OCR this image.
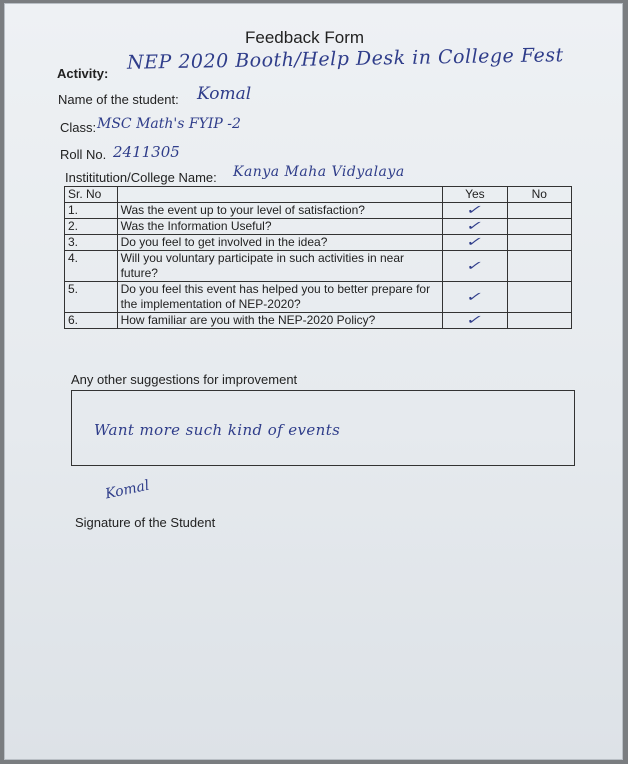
Feedback Form
Activity: NEP 2020 Booth/Help Desk in College Fest
Name of the student: Komal
Class: MSC Math's FYIP -2
Roll No. 2411305
Instititution/College Name: Kanya Maha Vidyalaya
Sr. No		Yes	No
1.	Was the event up to your level of satisfaction?	✓	
2.	Was the Information Useful?	✓	
3.	Do you feel to get involved in the idea?	✓	
4.	Will you voluntary participate in such activities in near future?	✓	
5.	Do you feel this event has helped you to better prepare for the implementation of NEP-2020?	✓	
6.	How familiar are you with the NEP-2020 Policy?	✓	
Any other suggestions for improvement
Want more such kind of events
Komal
Signature of the Student
